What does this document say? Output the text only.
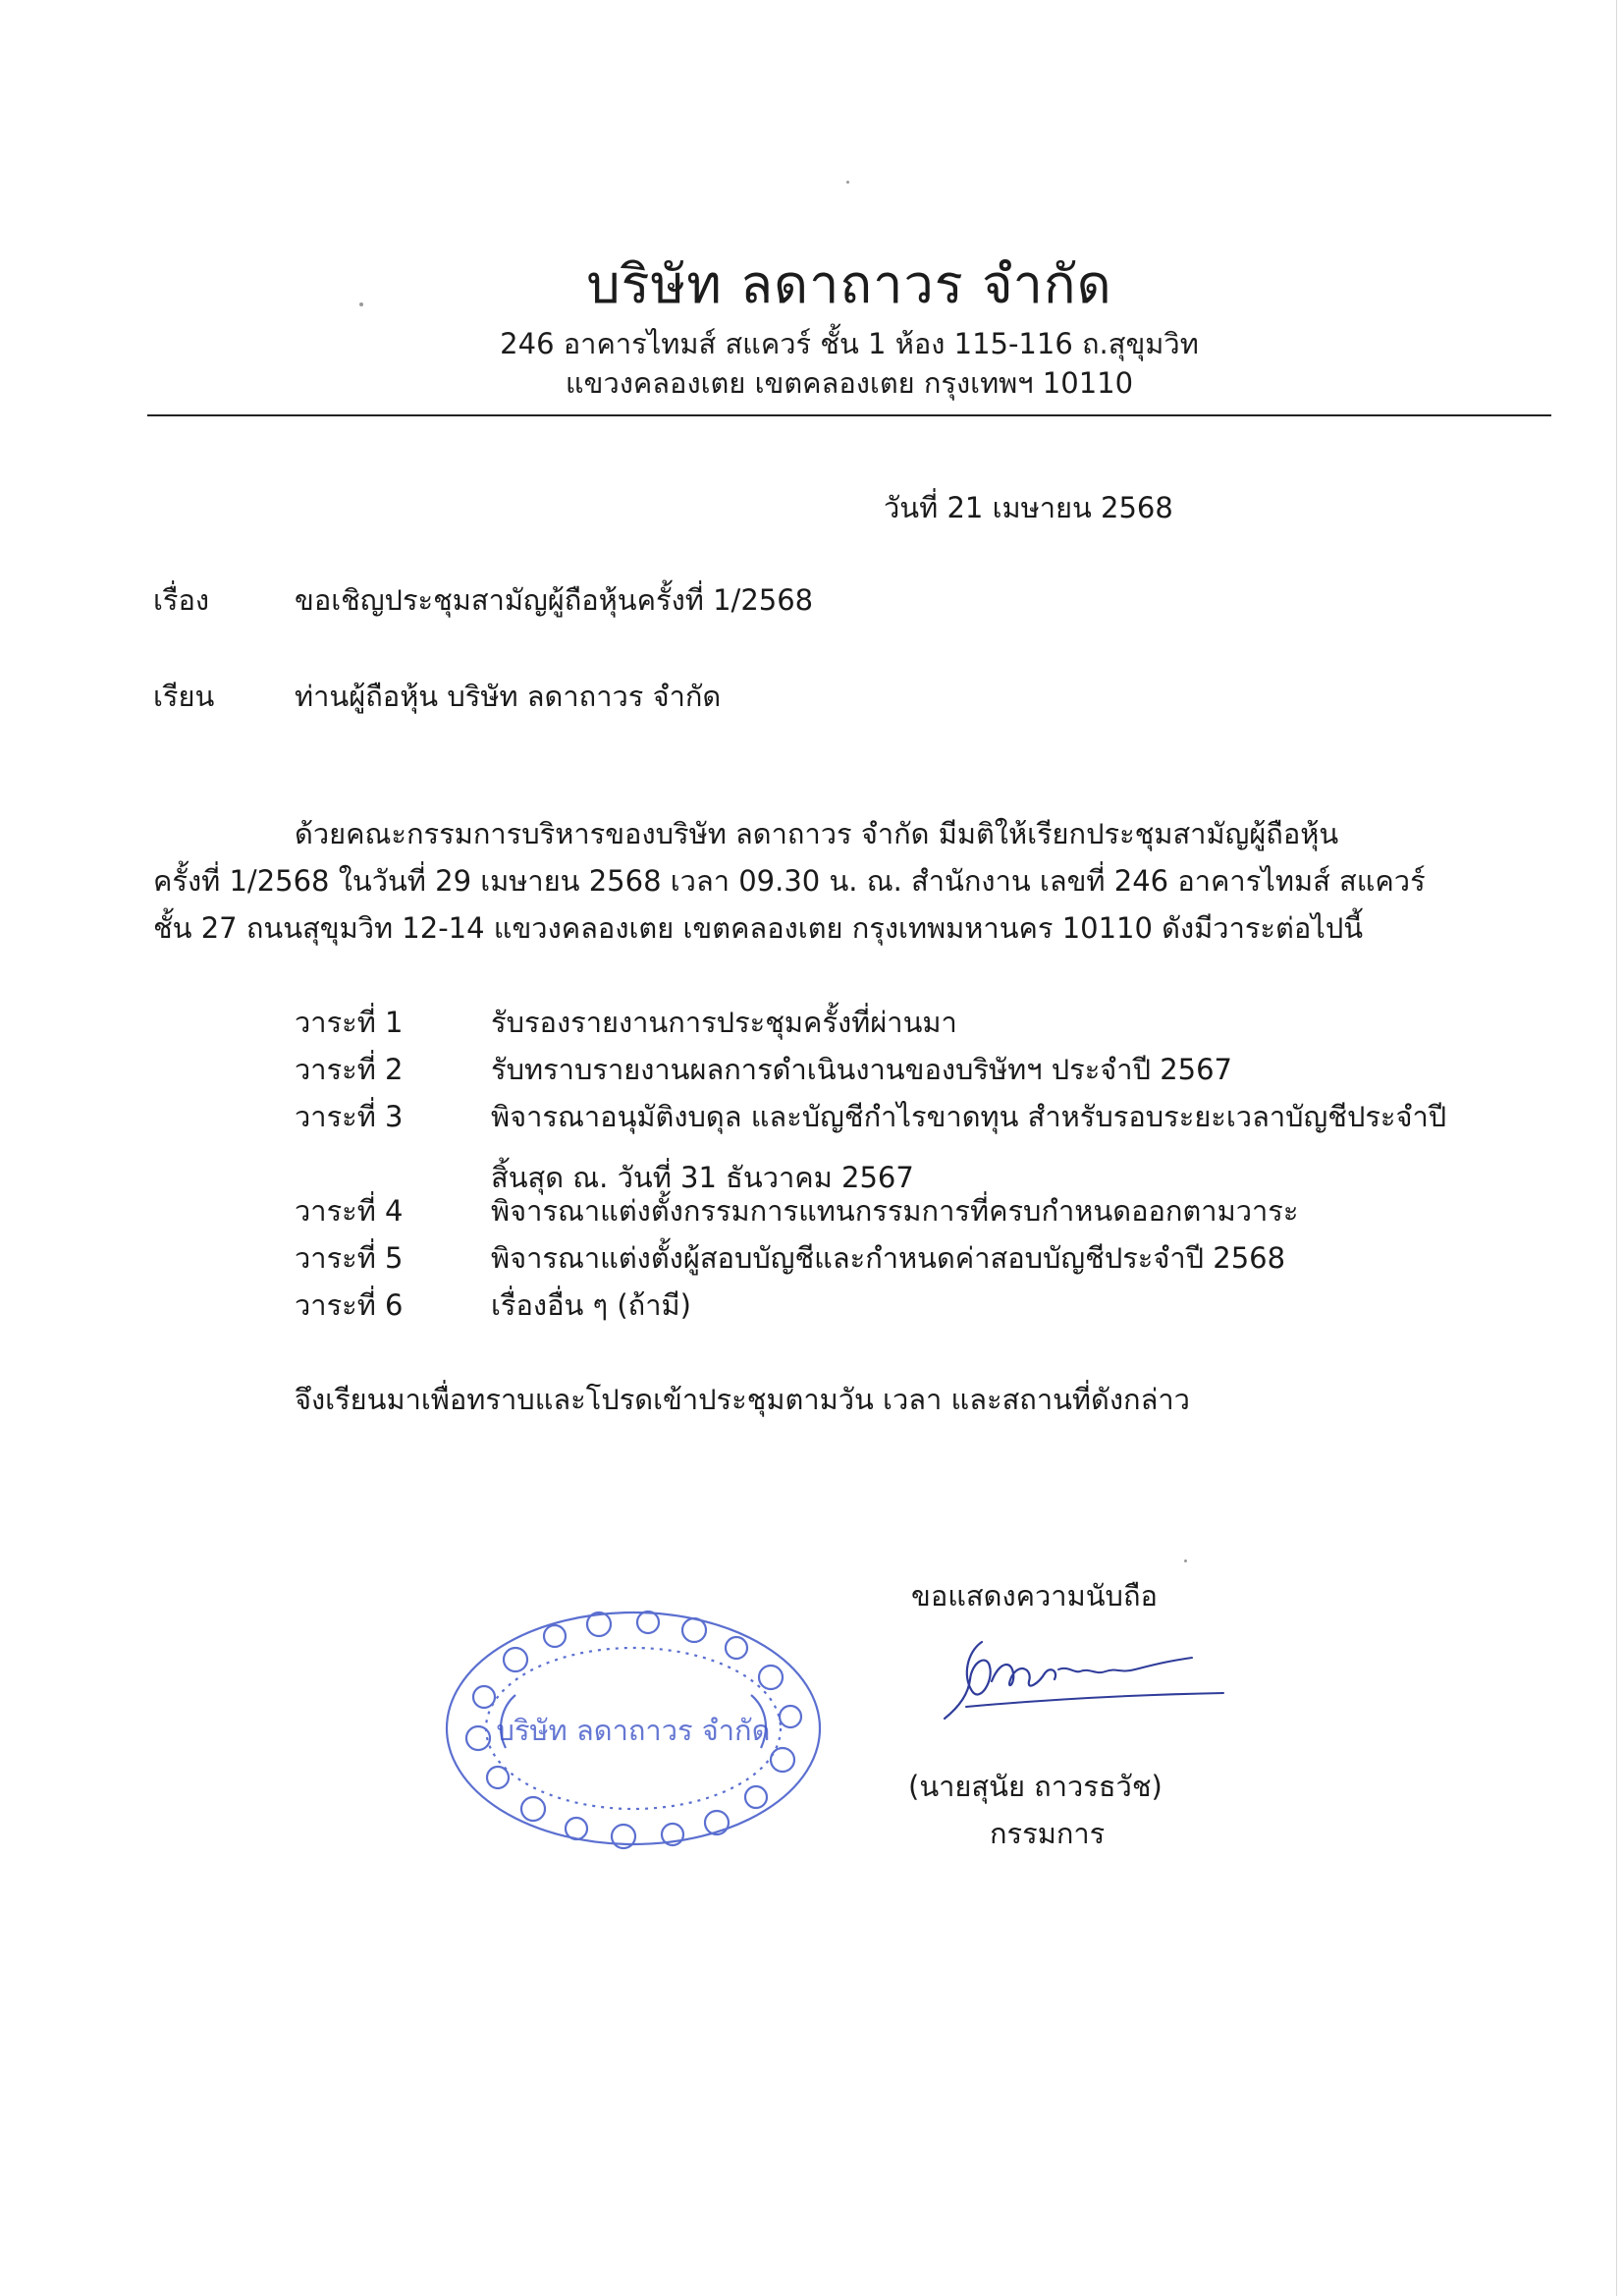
บริษัท ลดาถาวร จำกัด
246 อาคารไทมส์ สแควร์ ชั้น 1 ห้อง 115-116 ถ.สุขุมวิท
แขวงคลองเตย เขตคลองเตย กรุงเทพฯ 10110
วันที่ 21 เมษายน 2568
เรื่อง	ขอเชิญประชุมสามัญผู้ถือหุ้นครั้งที่ 1/2568
เรียน	ท่านผู้ถือหุ้น บริษัท ลดาถาวร จำกัด
ด้วยคณะกรรมการบริหารของบริษัท ลดาถาวร จำกัด มีมติให้เรียกประชุมสามัญผู้ถือหุ้น
ครั้งที่ 1/2568 ในวันที่ 29 เมษายน 2568 เวลา 09.30 น. ณ. สำนักงาน เลขที่ 246 อาคารไทมส์ สแควร์
ชั้น 27 ถนนสุขุมวิท 12-14 แขวงคลองเตย เขตคลองเตย กรุงเทพมหานคร 10110 ดังมีวาระต่อไปนี้
วาระที่ 1	รับรองรายงานการประชุมครั้งที่ผ่านมา
วาระที่ 2	รับทราบรายงานผลการดำเนินงานของบริษัทฯ ประจำปี 2567
วาระที่ 3	พิจารณาอนุมัติงบดุล และบัญชีกำไรขาดทุน สำหรับรอบระยะเวลาบัญชีประจำปี
สิ้นสุด ณ. วันที่ 31 ธันวาคม 2567
วาระที่ 4	พิจารณาแต่งตั้งกรรมการแทนกรรมการที่ครบกำหนดออกตามวาระ
วาระที่ 5	พิจารณาแต่งตั้งผู้สอบบัญชีและกำหนดค่าสอบบัญชีประจำปี 2568
วาระที่ 6	เรื่องอื่น ๆ (ถ้ามี)
จึงเรียนมาเพื่อทราบและโปรดเข้าประชุมตามวัน เวลา และสถานที่ดังกล่าว
ขอแสดงความนับถือ
(นายสุนัย ถาวรธวัช)
กรรมการ
บริษัท ลดาถาวร จำกัด
